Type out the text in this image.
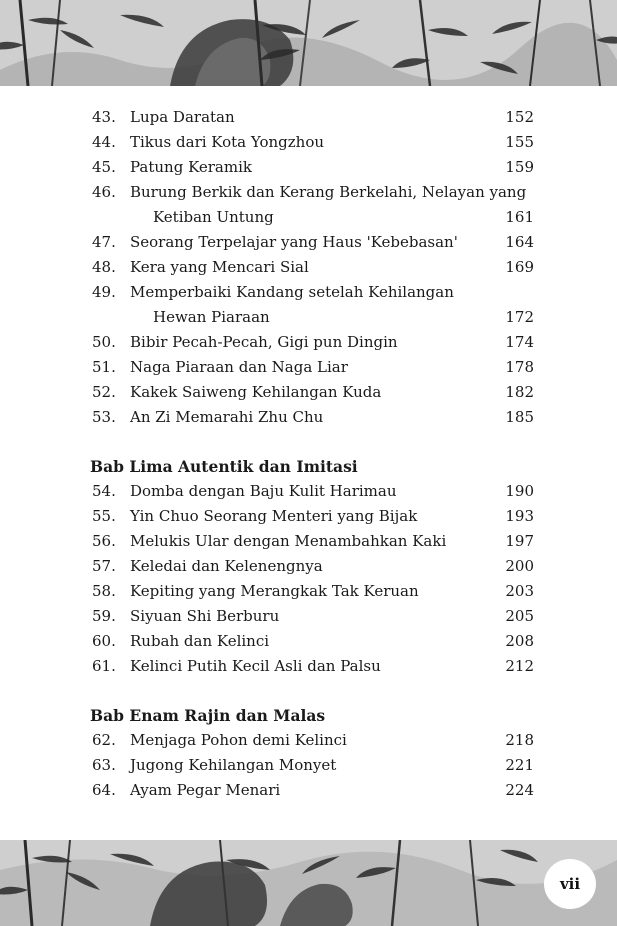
43. Lupa Daratan	152
44. Tikus dari Kota Yongzhou	155
45. Patung Keramik	159
46. Burung Berkik dan Kerang Berkelahi, Nelayan yang
Ketiban Untung	161
47. Seorang Terpelajar yang Haus 'Kebebasan'	164
48. Kera yang Mencari Sial	169
49. Memperbaiki Kandang setelah Kehilangan
Hewan Piaraan	172
50. Bibir Pecah-Pecah, Gigi pun Dingin	174
51. Naga Piaraan dan Naga Liar	178
52. Kakek Saiweng Kehilangan Kuda	182
53. An Zi Memarahi Zhu Chu	185
Bab Lima Autentik dan Imitasi
54. Domba dengan Baju Kulit Harimau	190
55. Yin Chuo Seorang Menteri yang Bijak	193
56. Melukis Ular dengan Menambahkan Kaki	197
57. Keledai dan Kelenengnya	200
58. Kepiting yang Merangkak Tak Keruan	203
59. Siyuan Shi Berburu	205
60. Rubah dan Kelinci	208
61. Kelinci Putih Kecil Asli dan Palsu	212
Bab Enam Rajin dan Malas
62. Menjaga Pohon demi Kelinci	218
63. Jugong Kehilangan Monyet	221
64. Ayam Pegar Menari	224
vii
